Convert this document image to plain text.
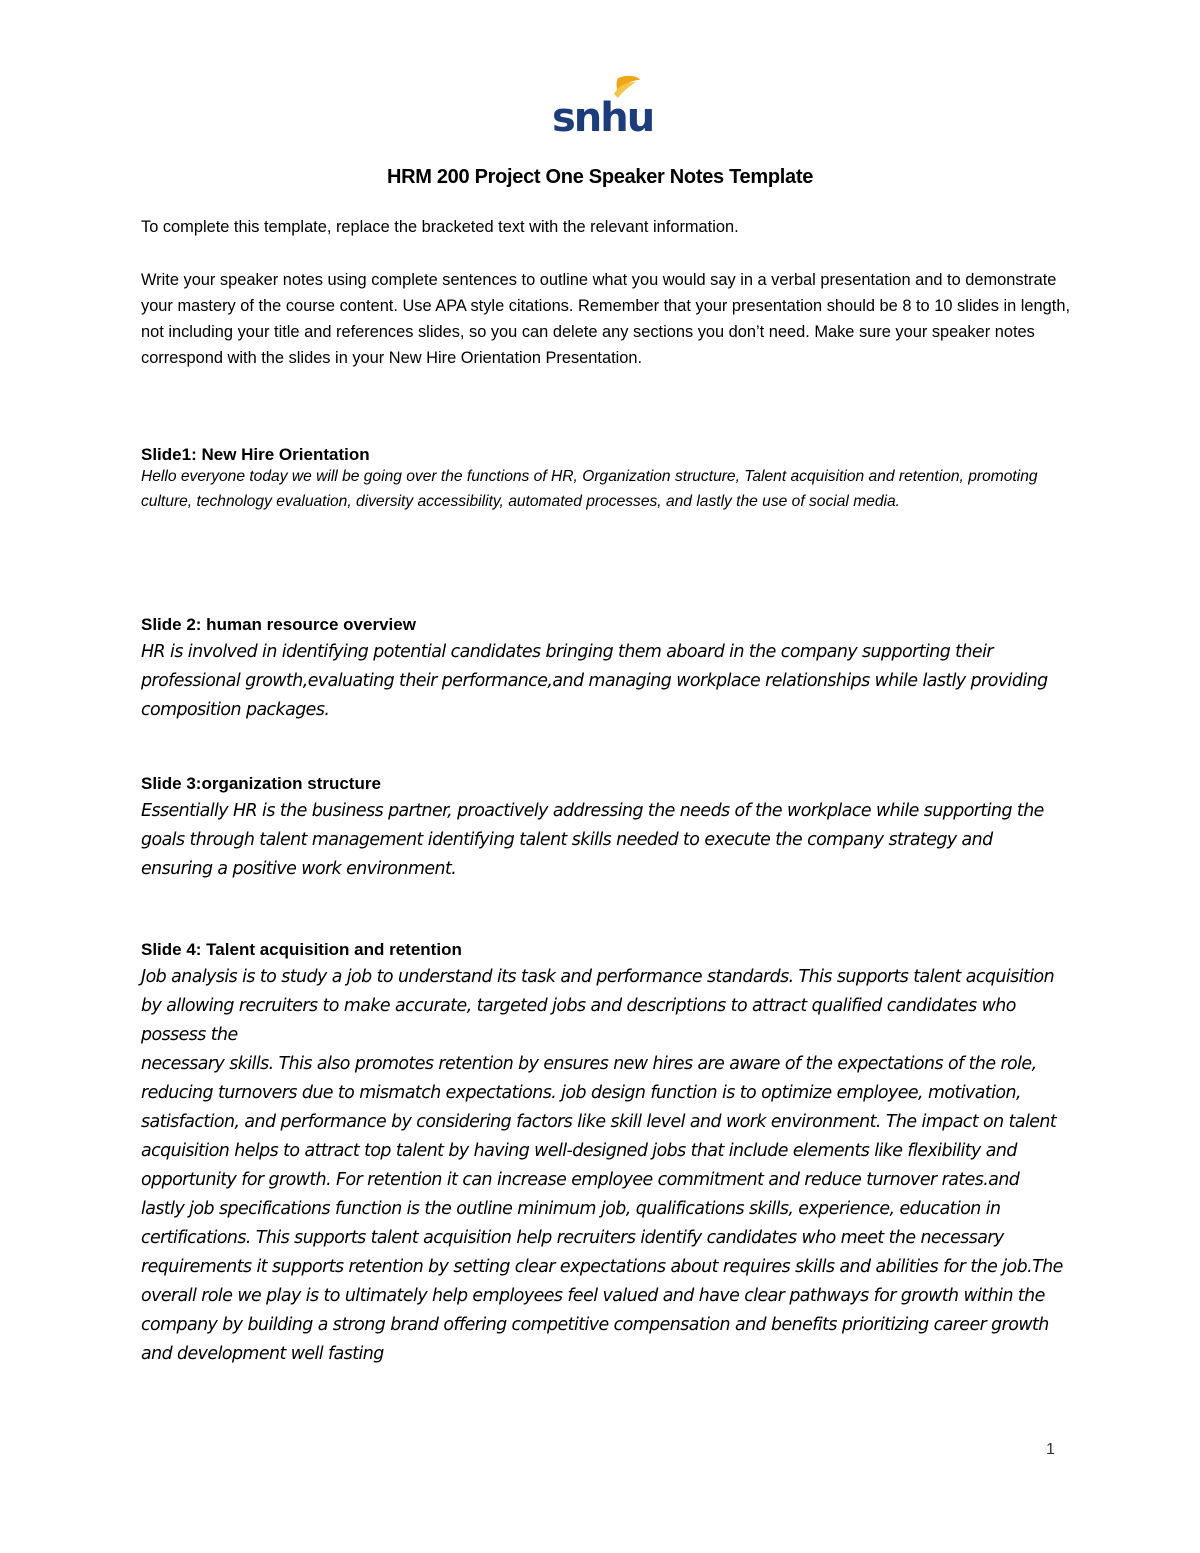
snhu
HRM 200 Project One Speaker Notes Template

To complete this template, replace the bracketed text with the relevant information.

Write your speaker notes using complete sentences to outline what you would say in a verbal presentation and to demonstrate your mastery of the course content. Use APA style citations. Remember that your presentation should be 8 to 10 slides in length, not including your title and references slides, so you can delete any sections you don’t need. Make sure your speaker notes correspond with the slides in your New Hire Orientation Presentation.

Slide1: New Hire Orientation

Hello everyone today we will be going over the functions of HR, Organization structure, Talent acquisition and retention, promoting culture, technology evaluation, diversity accessibility, automated processes, and lastly the use of social media.

Slide 2: human resource overview

HR is involved in identifying potential candidates bringing them aboard in the company supporting their professional growth,evaluating their performance,and managing workplace relationships while lastly providing composition packages.

Slide 3:organization structure

Essentially HR is the business partner, proactively addressing the needs of the workplace while supporting the goals through talent management identifying talent skills needed to execute the company strategy and ensuring a positive work environment.

Slide 4: Talent acquisition and retention

Job analysis is to study a job to understand its task and performance standards. This supports talent acquisition by allowing recruiters to make accurate, targeted jobs and descriptions to attract qualified candidates who possess the
necessary skills. This also promotes retention by ensures new hires are aware of the expectations of the role, reducing turnovers due to mismatch expectations. job design function is to optimize employee, motivation, satisfaction, and performance by considering factors like skill level and work environment. The impact on talent acquisition helps to attract top talent by having well-designed jobs that include elements like flexibility and opportunity for growth. For retention it can increase employee commitment and reduce turnover rates.and lastly job specifications function is the outline minimum job, qualifications skills, experience, education in certifications. This supports talent acquisition help recruiters identify candidates who meet the necessary requirements it supports retention by setting clear expectations about requires skills and abilities for the job.The overall role we play is to ultimately help employees feel valued and have clear pathways for growth within the company by building a strong brand offering competitive compensation and benefits prioritizing career growth and development well fasting
1
